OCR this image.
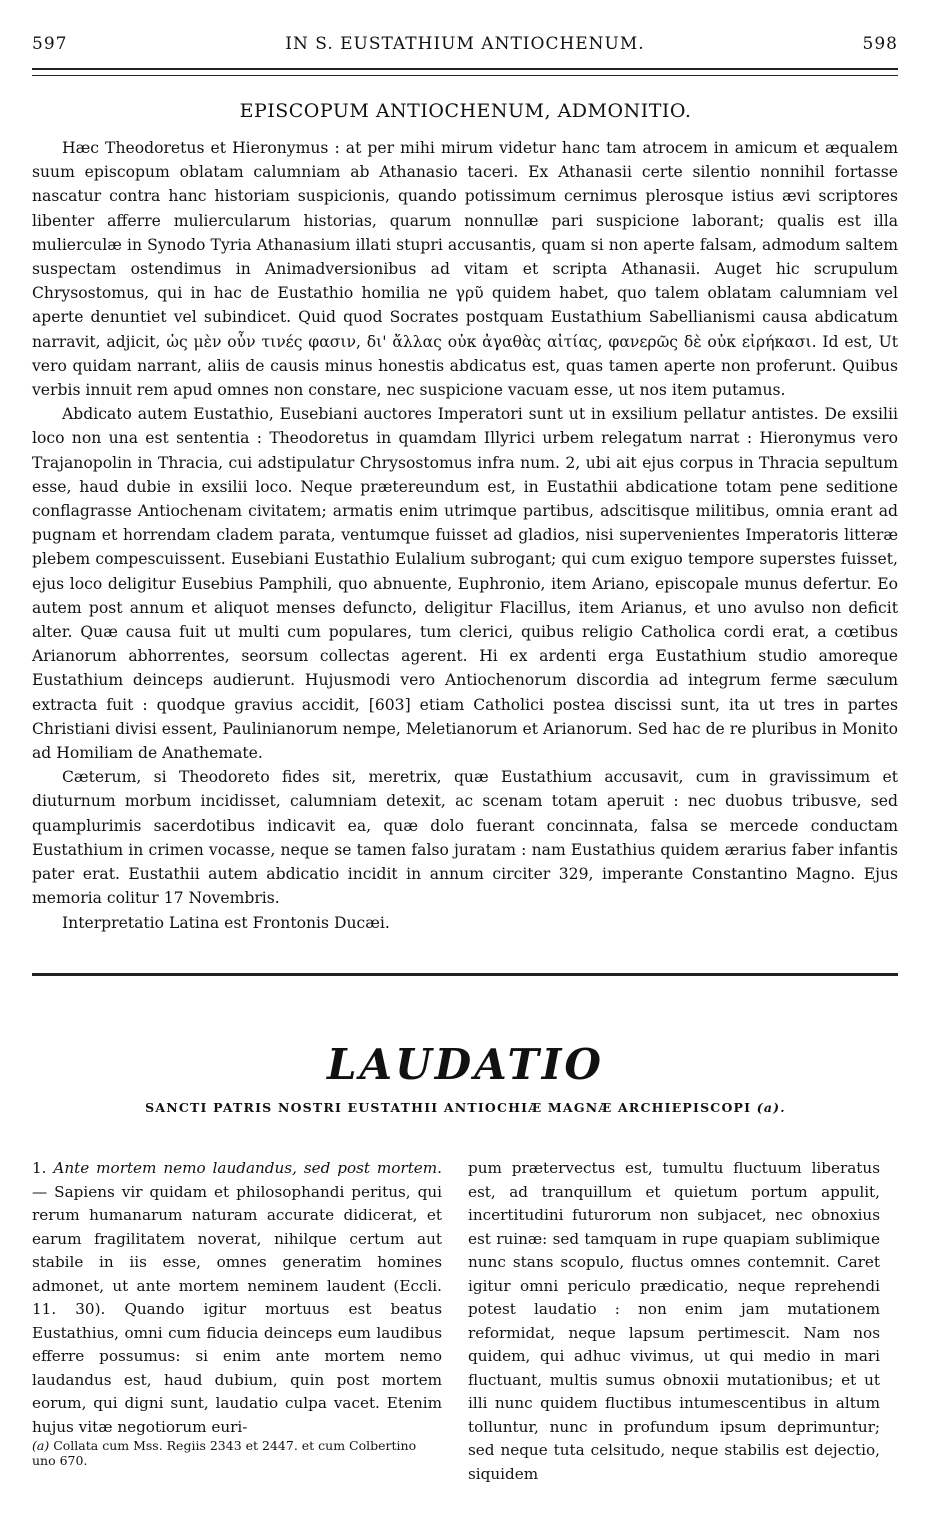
597	IN S. EUSTATHIUM ANTIOCHENUM.	598
EPISCOPUM ANTIOCHENUM, ADMONITIO.

Hæc Theodoretus et Hieronymus : at per mihi mirum videtur hanc tam atrocem in amicum et æqualem suum episcopum oblatam calumniam ab Athanasio taceri. Ex Athanasii certe silentio nonnihil fortasse nascatur contra hanc historiam suspicionis, quando potissimum cernimus plerosque istius ævi scriptores libenter afferre muliercularum historias, quarum nonnullæ pari suspicione laborant; qualis est illa mulierculæ in Synodo Tyria Athanasium illati stupri accusantis, quam si non aperte falsam, admodum saltem suspectam ostendimus in Animadversionibus ad vitam et scripta Athanasii. Auget hic scrupulum Chrysostomus, qui in hac de Eustathio homilia ne γρῦ quidem habet, quo talem oblatam calumniam vel aperte denuntiet vel subindicet. Quid quod Socrates postquam Eustathium Sabellianismi causa abdicatum narravit, adjicit, ὡς μὲν οὖν τινές φασιν, δι' ἄλλας οὐκ ἀγαθὰς αἰτίας, φανερῶς δὲ οὐκ εἰρήκασι. Id est, Ut vero quidam narrant, aliis de causis minus honestis abdicatus est, quas tamen aperte non proferunt. Quibus verbis innuit rem apud omnes non constare, nec suspicione vacuam esse, ut nos item putamus.

Abdicato autem Eustathio, Eusebiani auctores Imperatori sunt ut in exsilium pellatur antistes. De exsilii loco non una est sententia : Theodoretus in quamdam Illyrici urbem relegatum narrat : Hieronymus vero Trajanopolin in Thracia, cui adstipulatur Chrysostomus infra num. 2, ubi ait ejus corpus in Thracia sepultum esse, haud dubie in exsilii loco. Neque prætereundum est, in Eustathii abdicatione totam pene seditione conflagrasse Antiochenam civitatem; armatis enim utrimque partibus, adscitisque militibus, omnia erant ad pugnam et horrendam cladem parata, ventumque fuisset ad gladios, nisi supervenientes Imperatoris litteræ plebem compescuissent. Eusebiani Eustathio Eulalium subrogant; qui cum exiguo tempore superstes fuisset, ejus loco deligitur Eusebius Pamphili, quo abnuente, Euphronio, item Ariano, episcopale munus defertur. Eo autem post annum et aliquot menses defuncto, deligitur Flacillus, item Arianus, et uno avulso non deficit alter. Quæ causa fuit ut multi cum populares, tum clerici, quibus religio Catholica cordi erat, a cœtibus Arianorum abhorrentes, seorsum collectas agerent. Hi ex ardenti erga Eustathium studio amoreque Eustathium deinceps audierunt. Hujusmodi vero Antiochenorum discordia ad integrum ferme sæculum extracta fuit : quodque gravius accidit, [603] etiam Catholici postea discissi sunt, ita ut tres in partes Christiani divisi essent, Paulinianorum nempe, Meletianorum et Arianorum. Sed hac de re pluribus in Monito ad Homiliam de Anathemate.

Cæterum, si Theodoreto fides sit, meretrix, quæ Eustathium accusavit, cum in gravissimum et diuturnum morbum incidisset, calumniam detexit, ac scenam totam aperuit : nec duobus tribusve, sed quamplurimis sacerdotibus indicavit ea, quæ dolo fuerant concinnata, falsa se mercede conductam Eustathium in crimen vocasse, neque se tamen falso juratam : nam Eustathius quidem ærarius faber infantis pater erat. Eustathii autem abdicatio incidit in annum circiter 329, imperante Constantino Magno. Ejus memoria colitur 17 Novembris.

Interpretatio Latina est Frontonis Ducæi.

LAUDATIO
SANCTI PATRIS NOSTRI EUSTATHII ANTIOCHIÆ MAGNÆ ARCHIEPISCOPI (a).

1. Ante mortem nemo laudandus, sed post mortem. — Sapiens vir quidam et philosophandi peritus, qui rerum humanarum naturam accurate didicerat, et earum fragilitatem noverat, nihilque certum aut stabile in iis esse, omnes generatim homines admonet, ut ante mortem neminem laudent (Eccli. 11. 30). Quando igitur mortuus est beatus Eustathius, omni cum fiducia deinceps eum laudibus efferre possumus: si enim ante mortem nemo laudandus est, haud dubium, quin post mortem eorum, qui digni sunt, laudatio culpa vacet. Etenim hujus vitæ negotiorum euri-

pum prætervectus est, tumultu fluctuum liberatus est, ad tranquillum et quietum portum appulit, incertitudini futurorum non subjacet, nec obnoxius est ruinæ: sed tamquam in rupe quapiam sublimique nunc stans scopulo, fluctus omnes contemnit. Caret igitur omni periculo prædicatio, neque reprehendi potest laudatio : non enim jam mutationem reformidat, neque lapsum pertimescit. Nam nos quidem, qui adhuc vivimus, ut qui medio in mari fluctuant, multis sumus obnoxii mutationibus; et ut illi nunc quidem fluctibus intumescentibus in altum tolluntur, nunc in profundum ipsum deprimuntur; sed neque tuta celsitudo, neque stabilis est dejectio, siquidem

(a) Collata cum Mss. Regiis 2343 et 2447. et cum Colbertino uno 670.
